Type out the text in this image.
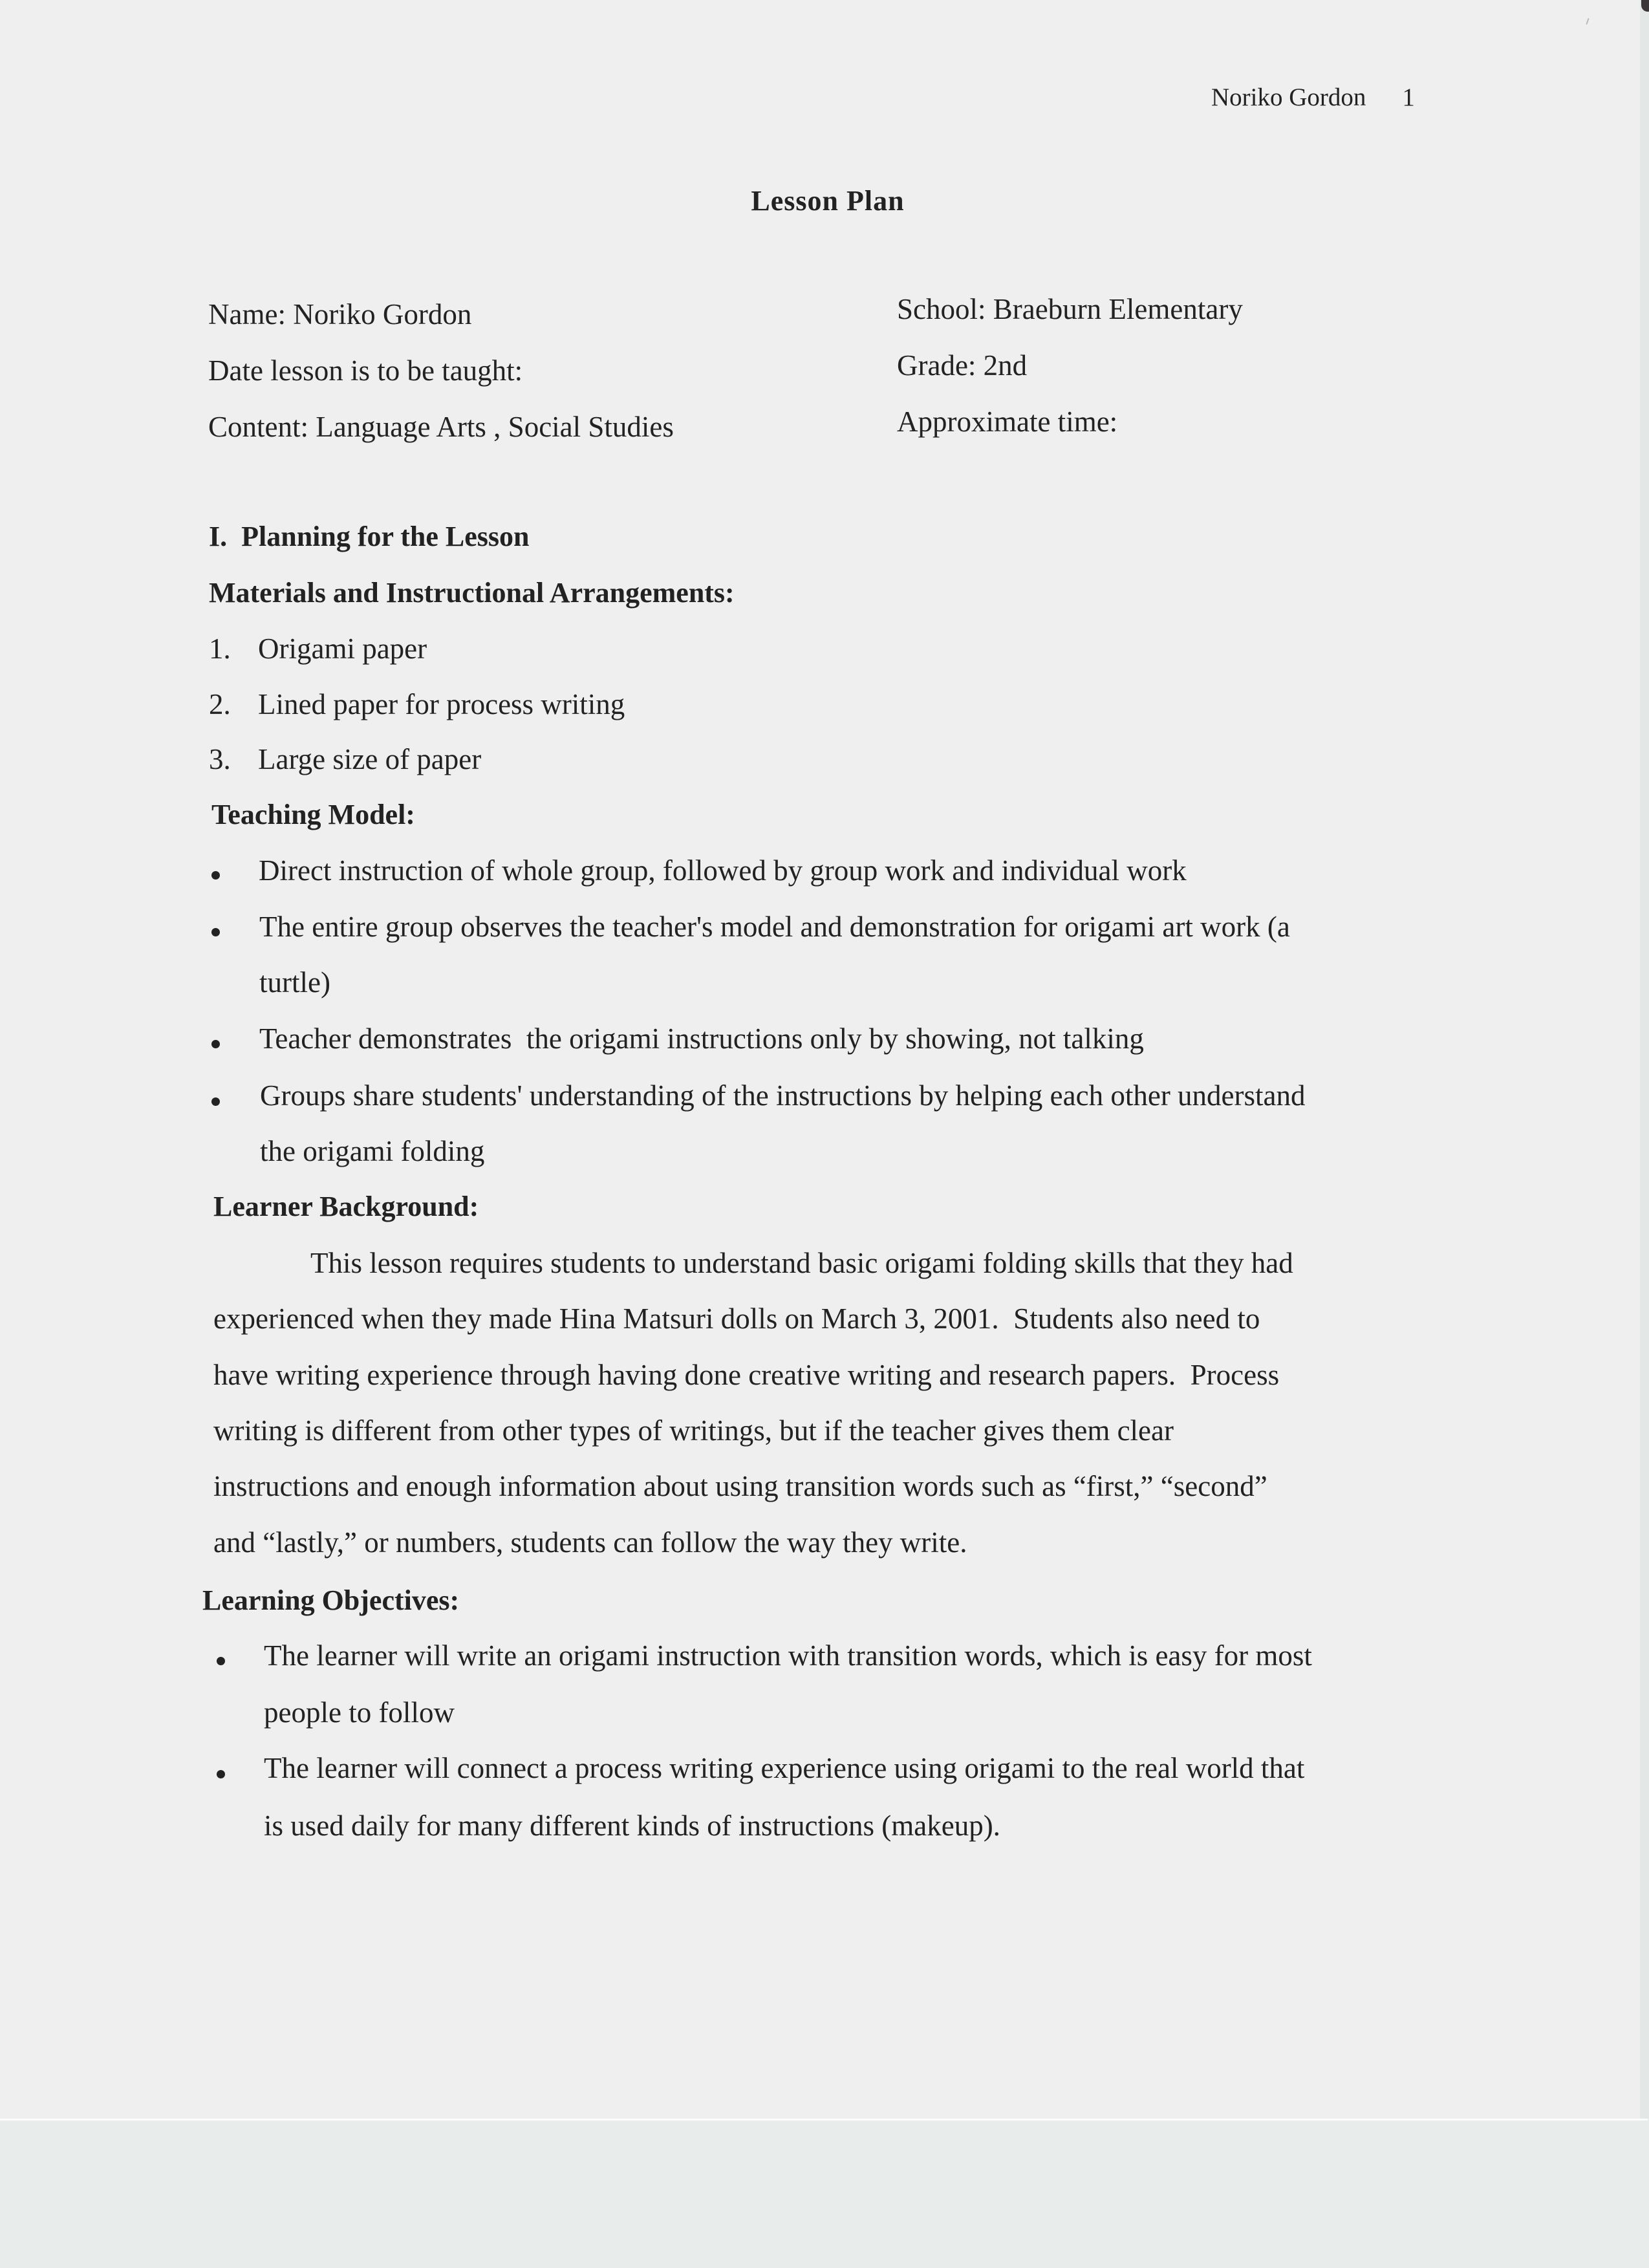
Noriko Gordon 1
Lesson Plan
Name: Noriko Gordon
Date lesson is to be taught:
Content: Language Arts , Social Studies
School: Braeburn Elementary
Grade: 2nd
Approximate time:
I.  Planning for the Lesson
Materials and Instructional Arrangements:
1. Origami paper
2. Lined paper for process writing
3. Large size of paper
Teaching Model:
Direct instruction of whole group, followed by group work and individual work
The entire group observes the teacher's model and demonstration for origami art work (a
turtle)
Teacher demonstrates  the origami instructions only by showing, not talking
Groups share students' understanding of the instructions by helping each other understand
the origami folding
Learner Background:
This lesson requires students to understand basic origami folding skills that they had
experienced when they made Hina Matsuri dolls on March 3, 2001.  Students also need to
have writing experience through having done creative writing and research papers.  Process
writing is different from other types of writings, but if the teacher gives them clear
instructions and enough information about using transition words such as “first,” “second”
and “lastly,” or numbers, students can follow the way they write.
Learning Objectives:
The learner will write an origami instruction with transition words, which is easy for most
people to follow
The learner will connect a process writing experience using origami to the real world that
is used daily for many different kinds of instructions (makeup).
